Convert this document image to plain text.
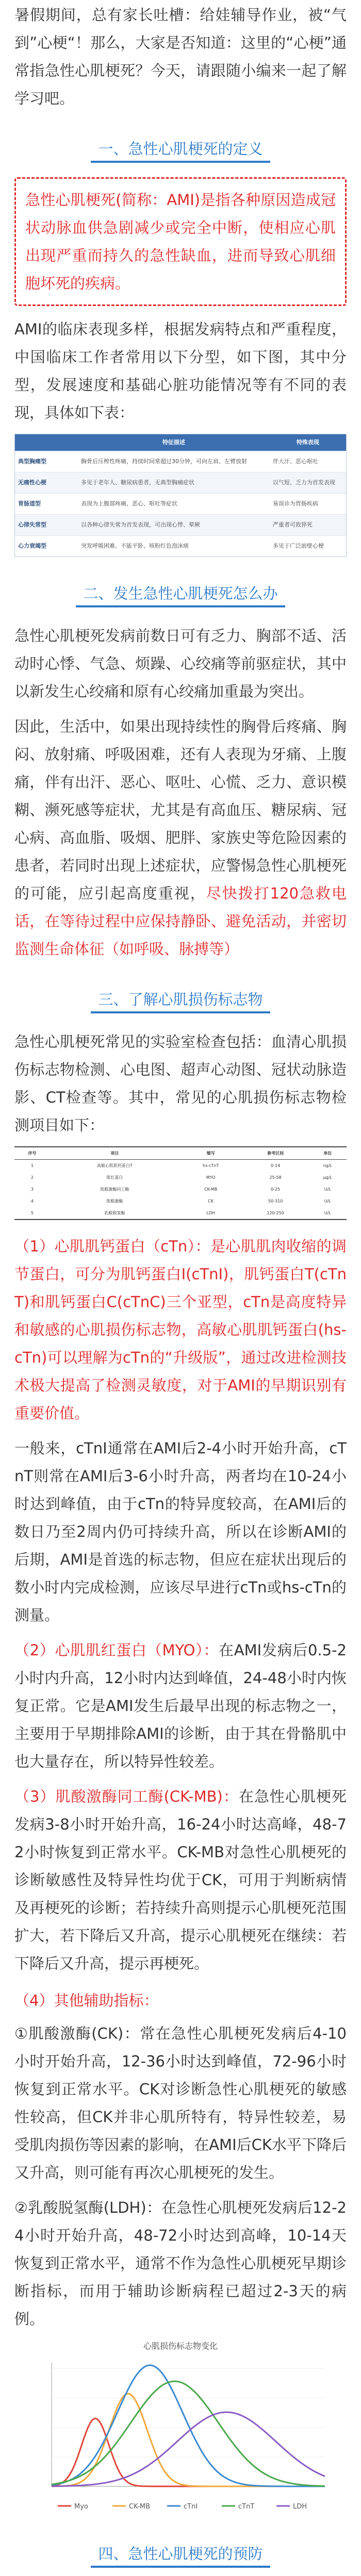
暑假期间，总有家长吐槽：给娃辅导作业，被“气到”心梗“！那么，大家是否知道：这里的“心梗”通常指急性心肌梗死？今天，请跟随小编来一起了解学习吧。

一、急性心肌梗死的定义

急性心肌梗死(简称：AMI)是指各种原因造成冠状动脉血供急剧减少或完全中断，使相应心肌出现严重而持久的急性缺血，进而导致心肌细胞坏死的疾病。

AMI的临床表现多样，根据发病特点和严重程度，中国临床工作者常用以下分型，如下图，其中分型，发展速度和基础心脏功能情况等有不同的表现，具体如下表：

	特征描述	特殊表现
典型胸痛型	胸骨后压榨性疼痛，持续时间常超过30分钟，可向左肩、左臂放射	伴大汗、恶心呕吐
无痛性心梗	多见于老年人、糖尿病患者，无典型胸痛症状	以气短、乏力为首发表现
胃肠道型	表现为上腹部疼痛、恶心、呕吐等症状	易误诊为胃肠疾病
心律失常型	以各种心律失常为首发表现，可出现心悸、晕厥	严重者可致猝死
心力衰竭型	突发呼吸困难、不能平卧、咳粉红色泡沫痰	多见于广泛前壁心梗
二、发生急性心肌梗死怎么办

急性心肌梗死发病前数日可有乏力、胸部不适、活动时心悸、气急、烦躁、心绞痛等前驱症状，其中以新发生心绞痛和原有心绞痛加重最为突出。

因此，生活中，如果出现持续性的胸骨后疼痛、胸闷、放射痛、呼吸困难，还有人表现为牙痛、上腹痛，伴有出汗、恶心、呕吐、心慌、乏力、意识模糊、濒死感等症状，尤其是有高血压、糖尿病、冠心病、高血脂、吸烟、肥胖、家族史等危险因素的患者，若同时出现上述症状，应警惕急性心肌梗死的可能，应引起高度重视，尽快拨打120急救电话，在等待过程中应保持静卧、避免活动，并密切监测生命体征（如呼吸、脉搏等）

三、了解心肌损伤标志物

急性心肌梗死常见的实验室检查包括：血清心肌损伤标志物检测、心电图、超声心动图、冠状动脉造影、CT检查等。其中，常见的心肌损伤标志物检测项目如下：

序号	项目	缩写	参考区间	单位
1	高敏心肌肌钙蛋白T	hs-cTnT	0-14	ng/L
2	肌红蛋白	MYO	25-58	μg/L
3	肌酸激酶同工酶	CK-MB	0-25	U/L
4	肌酸激酶	CK	50-310	U/L
5	乳酸脱氢酶	LDH	120-250	U/L

（1）心肌肌钙蛋白（cTn）：是心肌肌肉收缩的调节蛋白，可分为肌钙蛋白I(cTnI)，肌钙蛋白T(cTnT)和肌钙蛋白C(cTnC)三个亚型，cTn是高度特异和敏感的心肌损伤标志物，高敏心肌肌钙蛋白(hs-cTn)可以理解为cTn的“升级版”，通过改进检测技术极大提高了检测灵敏度，对于AMI的早期识别有重要价值。

一般来，cTnI通常在AMI后2-4小时开始升高，cTnT则常在AMI后3-6小时升高，两者均在10-24小时达到峰值，由于cTn的特异度较高，在AMI后的数日乃至2周内仍可持续升高，所以在诊断AMI的后期，AMI是首选的标志物，但应在症状出现后的数小时内完成检测，应该尽早进行cTn或hs-cTn的测量。

（2）心肌肌红蛋白（MYO）：在AMI发病后0.5-2小时内升高，12小时内达到峰值，24-48小时内恢复正常。它是AMI发生后最早出现的标志物之一，主要用于早期排除AMI的诊断，由于其在骨骼肌中也大量存在，所以特异性较差。

（3）肌酸激酶同工酶(CK-MB)：在急性心肌梗死发病3-8小时开始升高，16-24小时达高峰，48-72小时恢复到正常水平。CK-MB对急性心肌梗死的诊断敏感性及特异性均优于CK，可用于判断病情及再梗死的诊断；若持续升高则提示心肌梗死范围扩大，若下降后又升高，提示心肌梗死在继续：若下降后又升高，提示再梗死。

（4）其他辅助指标：

①肌酸激酶(CK)：常在急性心肌梗死发病后4-10小时开始升高，12-36小时达到峰值，72-96小时恢复到正常水平。CK对诊断急性心肌梗死的敏感性较高，但CK并非心肌所特有，特异性较差，易受肌肉损伤等因素的影响，在AMI后CK水平下降后又升高，则可能有再次心肌梗死的发生。

②乳酸脱氢酶(LDH)：在急性心肌梗死发病后12-24小时开始升高，48-72小时达到高峰，10-14天恢复到正常水平，通常不作为急性心肌梗死早期诊断指标，而用于辅助诊断病程已超过2-3天的病例。

心肌损伤标志物变化
Myo	CK-MB	cTnI	cTnT	LDH
四、急性心肌梗死的预防
